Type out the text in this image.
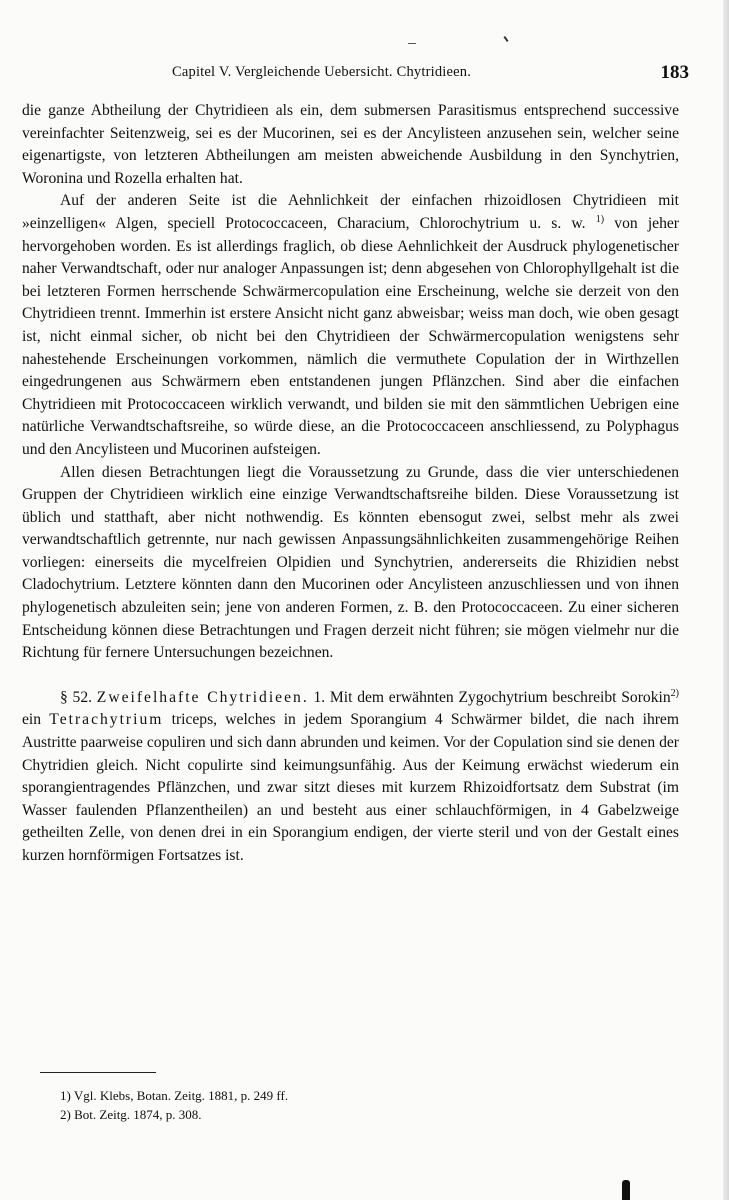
Capitel V. Vergleichende Uebersicht. Chytridieen.	183

die ganze Abtheilung der Chytridieen als ein, dem submersen Parasitismus entsprechend successive vereinfachter Seitenzweig, sei es der Mucorinen, sei es der Ancylisteen anzusehen sein, welcher seine eigenartigste, von letzteren Abtheilungen am meisten abweichende Ausbildung in den Synchytrien, Woronina und Rozella erhalten hat.

Auf der anderen Seite ist die Aehnlichkeit der einfachen rhizoidlosen Chytridieen mit »einzelligen« Algen, speciell Protococcaceen, Characium, Chlorochytrium u. s. w. $^{1)}$ von jeher hervorgehoben worden. Es ist allerdings fraglich, ob diese Aehnlichkeit der Ausdruck phylogenetischer naher Verwandtschaft, oder nur analoger Anpassungen ist; denn abgesehen von Chlorophyllgehalt ist die bei letzteren Formen herrschende Schwärmercopulation eine Erscheinung, welche sie derzeit von den Chytridieen trennt. Immerhin ist erstere Ansicht nicht ganz abweisbar; weiss man doch, wie oben gesagt ist, nicht einmal sicher, ob nicht bei den Chytridieen der Schwärmercopulation wenigstens sehr nahestehende Erscheinungen vorkommen, nämlich die vermuthete Copulation der in Wirthzellen eingedrungenen aus Schwärmern eben entstandenen jungen Pflänzchen. Sind aber die einfachen Chytridieen mit Protococcaceen wirklich verwandt, und bilden sie mit den sämmtlichen Uebrigen eine natürliche Verwandtschaftsreihe, so würde diese, an die Protococcaceen anschliessend, zu Polyphagus und den Ancylisteen und Mucorinen aufsteigen.

Allen diesen Betrachtungen liegt die Voraussetzung zu Grunde, dass die vier unterschiedenen Gruppen der Chytridieen wirklich eine einzige Verwandtschaftsreihe bilden. Diese Voraussetzung ist üblich und statthaft, aber nicht nothwendig. Es könnten ebensogut zwei, selbst mehr als zwei verwandtschaftlich getrennte, nur nach gewissen Anpassungsähnlichkeiten zusammengehörige Reihen vorliegen: einerseits die mycelfreien Olpidien und Synchytrien, andererseits die Rhizidien nebst Cladochytrium. Letztere könnten dann den Mucorinen oder Ancylisteen anzuschliessen und von ihnen phylogenetisch abzuleiten sein; jene von anderen Formen, z. B. den Protococcaceen. Zu einer sicheren Entscheidung können diese Betrachtungen und Fragen derzeit nicht führen; sie mögen vielmehr nur die Richtung für fernere Untersuchungen bezeichnen.

§ 52. Zweifelhafte Chytridieen. 1. Mit dem erwähnten Zygochytrium beschreibt Sorokin$^{2)}$ ein Tetrachytrium triceps, welches in jedem Sporangium 4 Schwärmer bildet, die nach ihrem Austritte paarweise copuliren und sich dann abrunden und keimen. Vor der Copulation sind sie denen der Chytridien gleich. Nicht copulirte sind keimungsunfähig. Aus der Keimung erwächst wiederum ein sporangientragendes Pflänzchen, und zwar sitzt dieses mit kurzem Rhizoidfortsatz dem Substrat (im Wasser faulenden Pflanzentheilen) an und besteht aus einer schlauchförmigen, in 4 Gabelzweige getheilten Zelle, von denen drei in ein Sporangium endigen, der vierte steril und von der Gestalt eines kurzen hornförmigen Fortsatzes ist.

1) Vgl. Klebs, Botan. Zeitg. 1881, p. 249 ff.
2) Bot. Zeitg. 1874, p. 308.
